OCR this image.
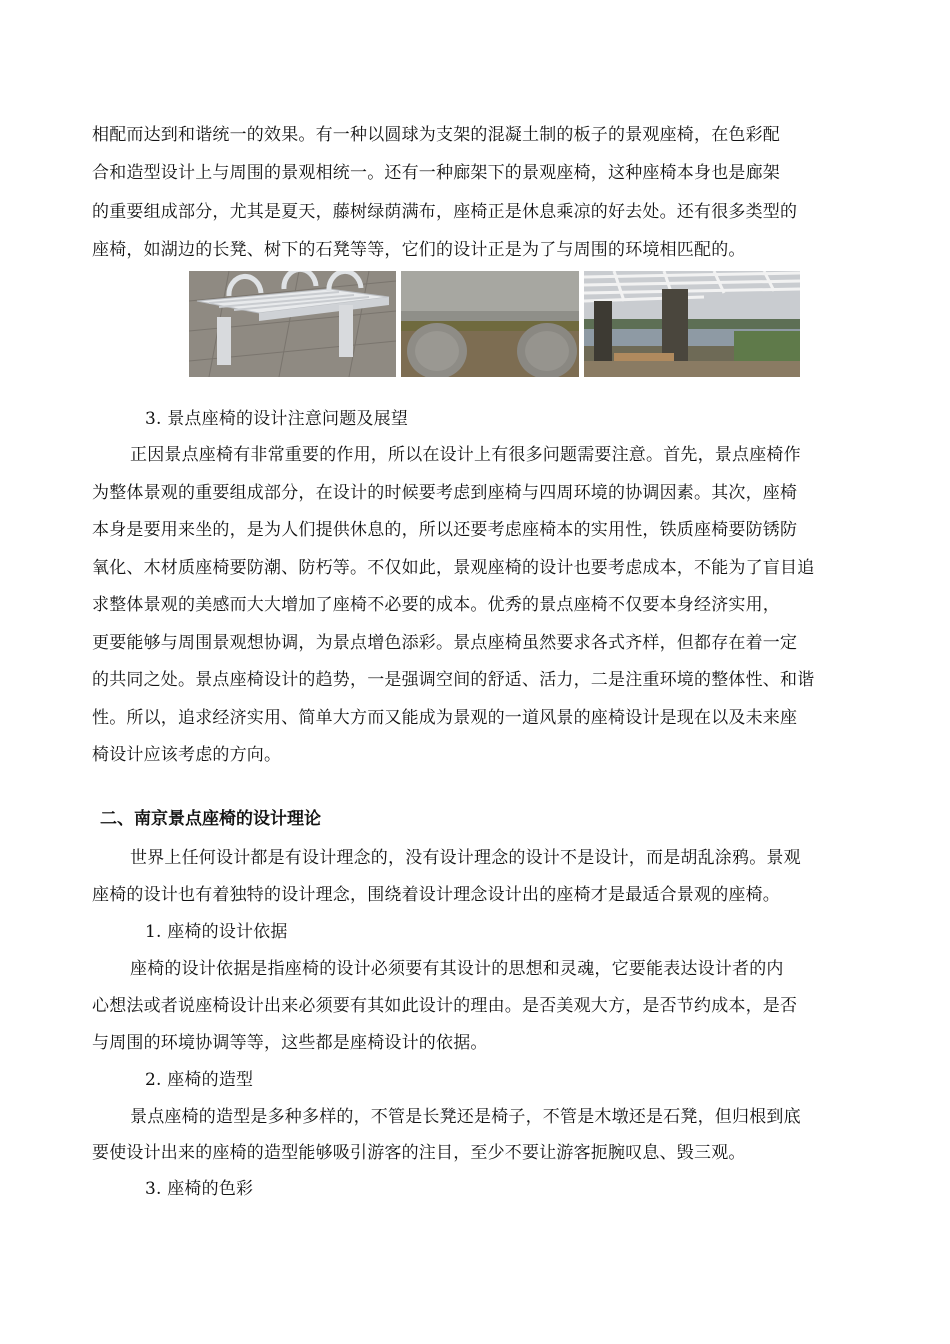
相配而达到和谐统一的效果。有一种以圆球为支架的混凝土制的板子的景观座椅，在色彩配
合和造型设计上与周围的景观相统一。还有一种廊架下的景观座椅，这种座椅本身也是廊架
的重要组成部分，尤其是夏天，藤树绿荫满布，座椅正是休息乘凉的好去处。还有很多类型的
座椅，如湖边的长凳、树下的石凳等等，它们的设计正是为了与周围的环境相匹配的。
3. 景点座椅的设计注意问题及展望
正因景点座椅有非常重要的作用，所以在设计上有很多问题需要注意。首先，景点座椅作
为整体景观的重要组成部分，在设计的时候要考虑到座椅与四周环境的协调因素。其次，座椅
本身是要用来坐的，是为人们提供休息的，所以还要考虑座椅本的实用性，铁质座椅要防锈防
氧化、木材质座椅要防潮、防朽等。不仅如此，景观座椅的设计也要考虑成本，不能为了盲目追
求整体景观的美感而大大增加了座椅不必要的成本。优秀的景点座椅不仅要本身经济实用，
更要能够与周围景观想协调，为景点增色添彩。景点座椅虽然要求各式齐样，但都存在着一定
的共同之处。景点座椅设计的趋势，一是强调空间的舒适、活力，二是注重环境的整体性、和谐
性。所以，追求经济实用、简单大方而又能成为景观的一道风景的座椅设计是现在以及未来座
椅设计应该考虑的方向。
二、南京景点座椅的设计理论
世界上任何设计都是有设计理念的，没有设计理念的设计不是设计，而是胡乱涂鸦。景观
座椅的设计也有着独特的设计理念，围绕着设计理念设计出的座椅才是最适合景观的座椅。
1. 座椅的设计依据
座椅的设计依据是指座椅的设计必须要有其设计的思想和灵魂，它要能表达设计者的内
心想法或者说座椅设计出来必须要有其如此设计的理由。是否美观大方，是否节约成本，是否
与周围的环境协调等等，这些都是座椅设计的依据。
2. 座椅的造型
景点座椅的造型是多种多样的，不管是长凳还是椅子，不管是木墩还是石凳，但归根到底
要使设计出来的座椅的造型能够吸引游客的注目，至少不要让游客扼腕叹息、毁三观。
3. 座椅的色彩
